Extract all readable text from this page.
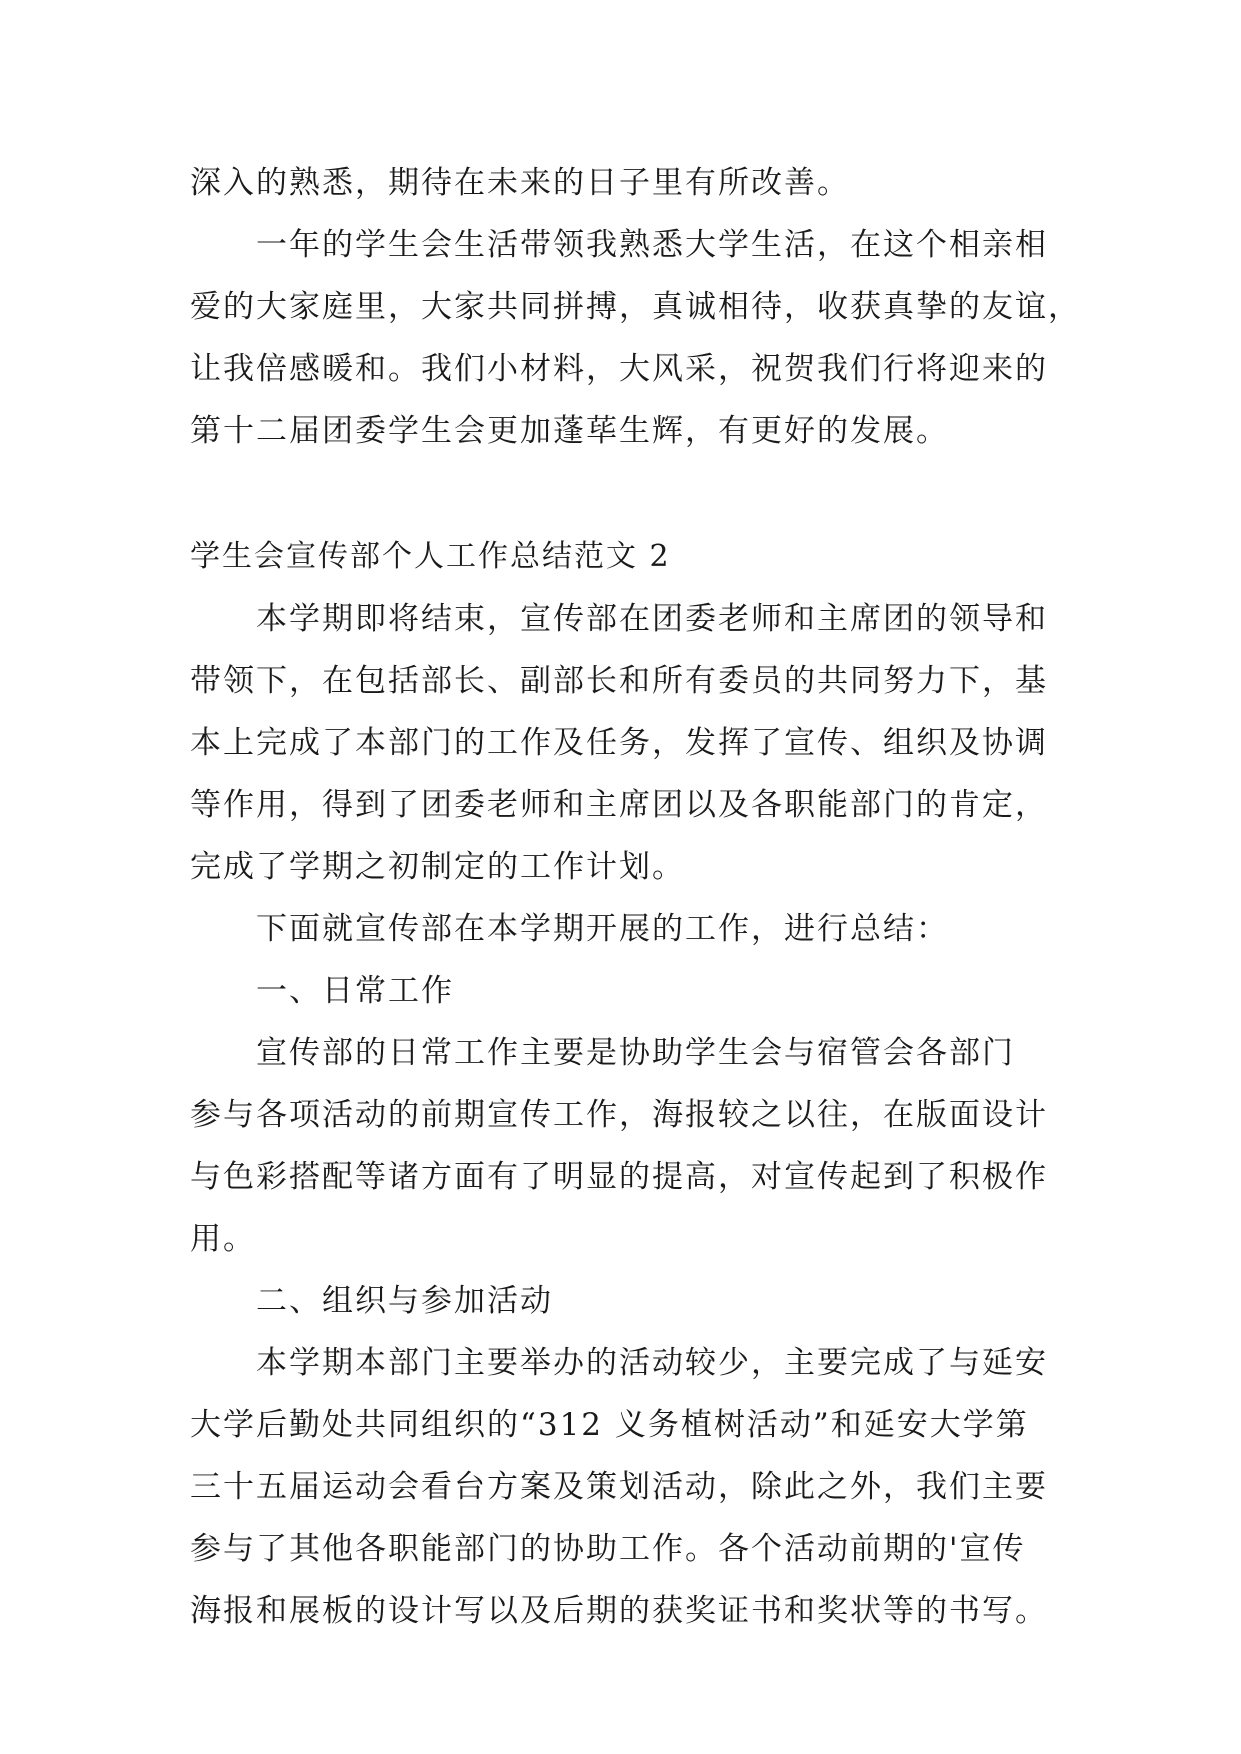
深入的熟悉，期待在未来的日子里有所改善。
一年的学生会生活带领我熟悉大学生活，在这个相亲相
爱的大家庭里，大家共同拼搏，真诚相待，收获真挚的友谊，
让我倍感暖和。我们小材料，大风采，祝贺我们行将迎来的
第十二届团委学生会更加蓬荜生辉，有更好的发展。
学生会宣传部个人工作总结范文 2
本学期即将结束，宣传部在团委老师和主席团的领导和
带领下，在包括部长、副部长和所有委员的共同努力下，基
本上完成了本部门的工作及任务，发挥了宣传、组织及协调
等作用，得到了团委老师和主席团以及各职能部门的肯定，
完成了学期之初制定的工作计划。
下面就宣传部在本学期开展的工作，进行总结：
一、日常工作
宣传部的日常工作主要是协助学生会与宿管会各部门
参与各项活动的前期宣传工作，海报较之以往，在版面设计
与色彩搭配等诸方面有了明显的提高，对宣传起到了积极作
用。
二、组织与参加活动
本学期本部门主要举办的活动较少，主要完成了与延安
大学后勤处共同组织的“312 义务植树活动”和延安大学第
三十五届运动会看台方案及策划活动，除此之外，我们主要
参与了其他各职能部门的协助工作。各个活动前期的'宣传
海报和展板的设计写以及后期的获奖证书和奖状等的书写。
